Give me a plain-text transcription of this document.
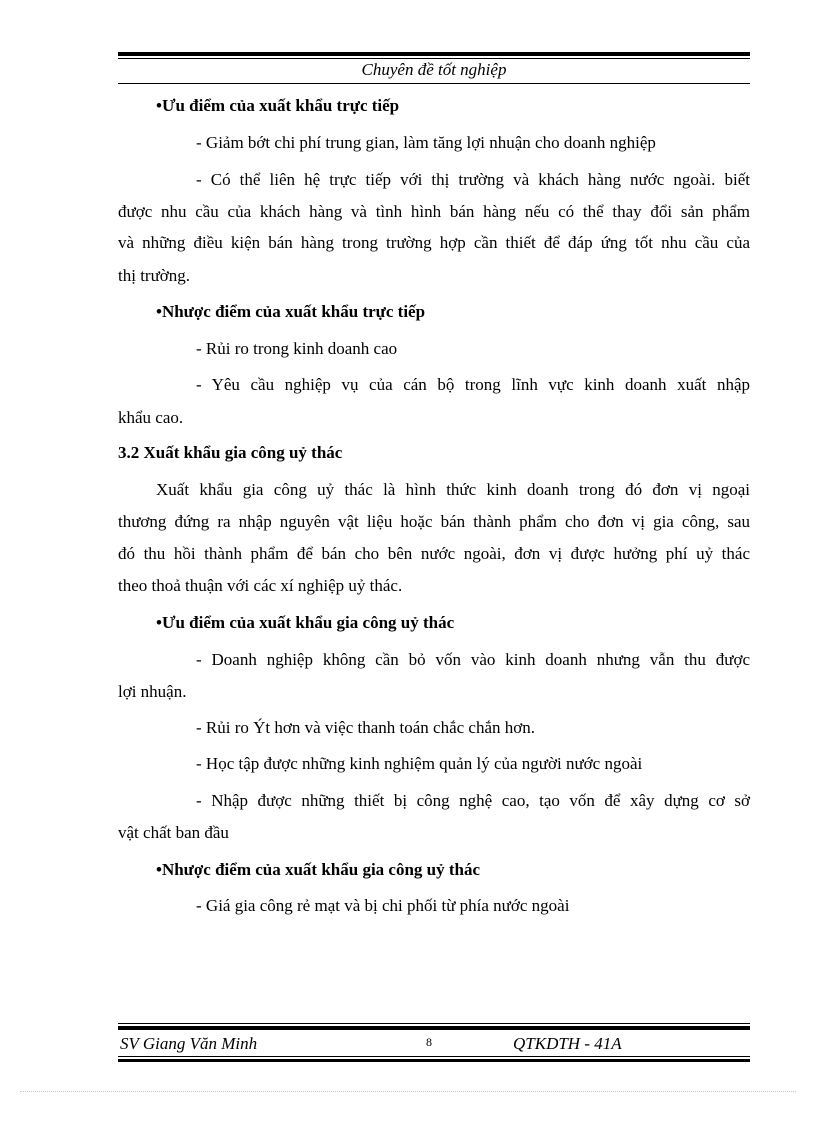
Chuyên đề tốt nghiệp
•Ưu điểm của xuất khẩu trực tiếp
- Giảm bớt chi phí trung gian, làm tăng lợi nhuận cho doanh nghiệp
- Có thể liên hệ trực tiếp với thị trường và khách hàng nước ngoài. biết
được nhu cầu của khách hàng và tình hình bán hàng nếu có thể thay đổi sản phẩm
và những điều kiện bán hàng trong trường hợp cần thiết để đáp ứng tốt nhu cầu của
thị trường.
•Nhược điểm của xuất khẩu trực tiếp
- Rủi ro trong kinh doanh cao
- Yêu cầu nghiệp vụ của cán bộ trong lĩnh vực kinh doanh xuất nhập
khẩu cao.
3.2 Xuất khẩu gia công uỷ thác
Xuất khẩu gia công uỷ thác là hình thức kinh doanh trong đó đơn vị ngoại
thương đứng ra nhập nguyên vật liệu hoặc bán thành phẩm cho đơn vị gia công, sau
đó thu hồi thành phẩm để bán cho bên nước ngoài, đơn vị được hưởng phí uỷ thác
theo thoả thuận với các xí nghiệp uỷ thác.
•Ưu điểm của xuất khẩu gia công uỷ thác
- Doanh nghiệp không cần bỏ vốn vào kinh doanh nhưng vẫn thu được
lợi nhuận.
- Rủi ro Ýt hơn và việc thanh toán chắc chắn hơn.
- Học tập được những kinh nghiệm quản lý của người nước ngoài
- Nhập được những thiết bị công nghệ cao, tạo vốn để xây dựng cơ sở
vật chất ban đầu
•Nhược điểm của xuất khẩu gia công uỷ thác
- Giá gia công rẻ mạt và bị chi phối từ phía nước ngoài
SV Giang Văn Minh	8	QTKDTH - 41A
